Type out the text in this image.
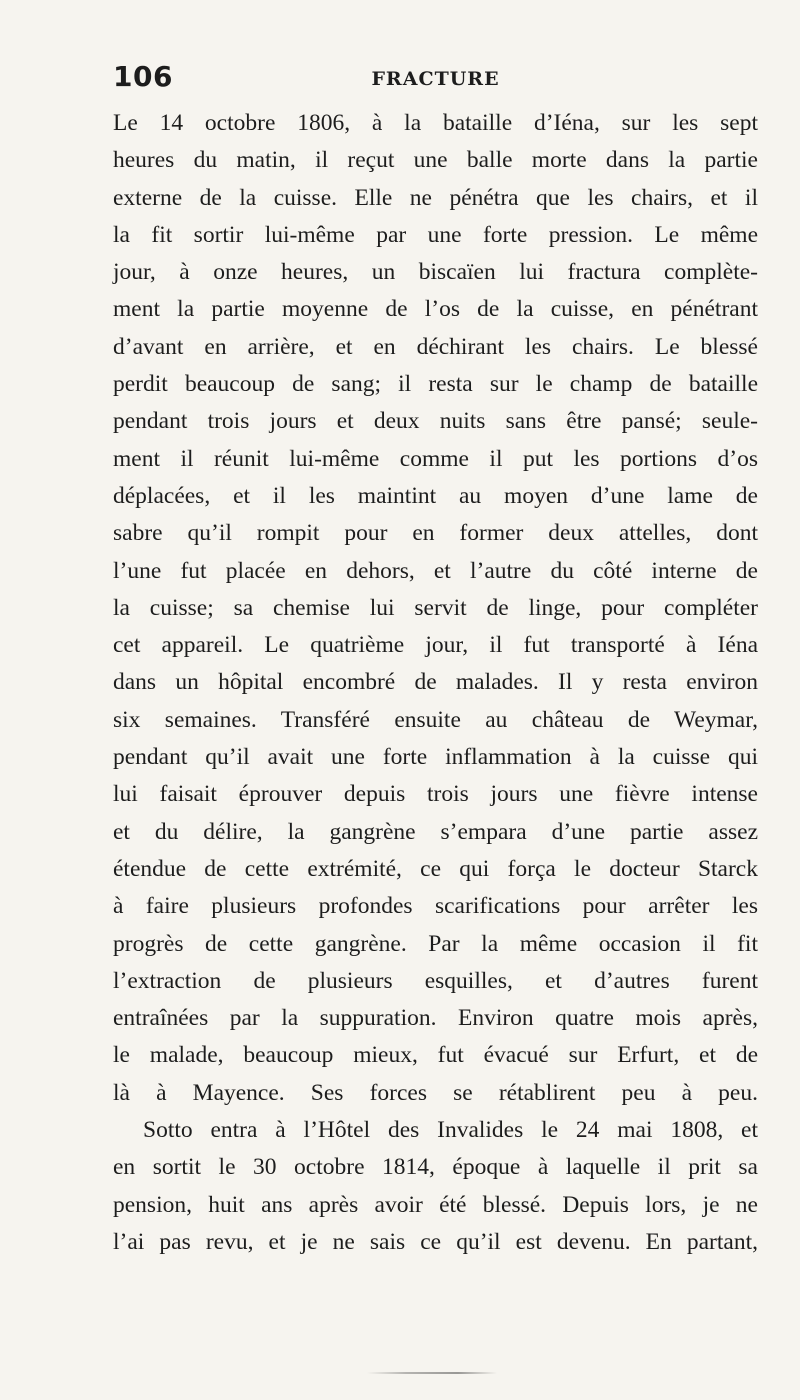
106	FRACTURE
Le 14 octobre 1806, à la bataille d’Iéna, sur les sept
heures du matin, il reçut une balle morte dans la partie
externe de la cuisse. Elle ne pénétra que les chairs, et il
la fit sortir lui-même par une forte pression. Le même
jour, à onze heures, un biscaïen lui fractura complète-
ment la partie moyenne de l’os de la cuisse, en pénétrant
d’avant en arrière, et en déchirant les chairs. Le blessé
perdit beaucoup de sang; il resta sur le champ de bataille
pendant trois jours et deux nuits sans être pansé; seule-
ment il réunit lui-même comme il put les portions d’os
déplacées, et il les maintint au moyen d’une lame de
sabre qu’il rompit pour en former deux attelles, dont
l’une fut placée en dehors, et l’autre du côté interne de
la cuisse; sa chemise lui servit de linge, pour compléter
cet appareil. Le quatrième jour, il fut transporté à Iéna
dans un hôpital encombré de malades. Il y resta environ
six semaines. Transféré ensuite au château de Weymar,
pendant qu’il avait une forte inflammation à la cuisse qui
lui faisait éprouver depuis trois jours une fièvre intense
et du délire, la gangrène s’empara d’une partie assez
étendue de cette extrémité, ce qui força le docteur Starck
à faire plusieurs profondes scarifications pour arrêter les
progrès de cette gangrène. Par la même occasion il fit
l’extraction de plusieurs esquilles, et d’autres furent
entraînées par la suppuration. Environ quatre mois après,
le malade, beaucoup mieux, fut évacué sur Erfurt, et de
là à Mayence. Ses forces se rétablirent peu à peu.
Sotto entra à l’Hôtel des Invalides le 24 mai 1808, et
en sortit le 30 octobre 1814, époque à laquelle il prit sa
pension, huit ans après avoir été blessé. Depuis lors, je ne
l’ai pas revu, et je ne sais ce qu’il est devenu. En partant,
